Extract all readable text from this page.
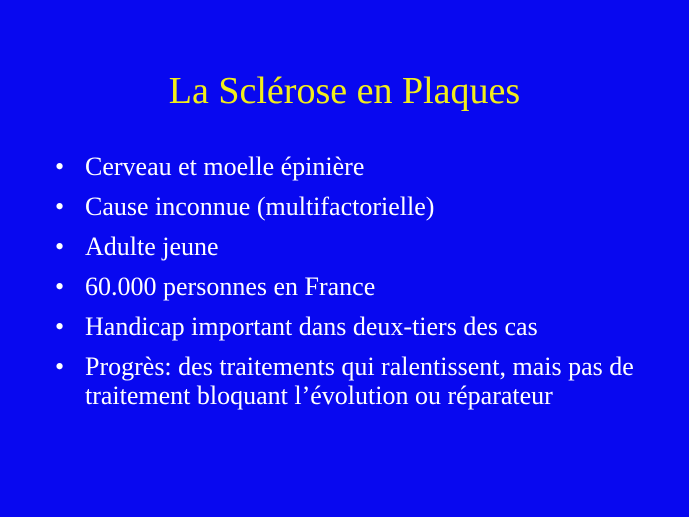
La Sclérose en Plaques
• Cerveau et moelle épinière
• Cause inconnue (multifactorielle)
• Adulte jeune
• 60.000 personnes en France
• Handicap important dans deux-tiers des cas
• Progrès: des traitements qui ralentissent, mais pas de traitement bloquant l’évolution ou réparateur
